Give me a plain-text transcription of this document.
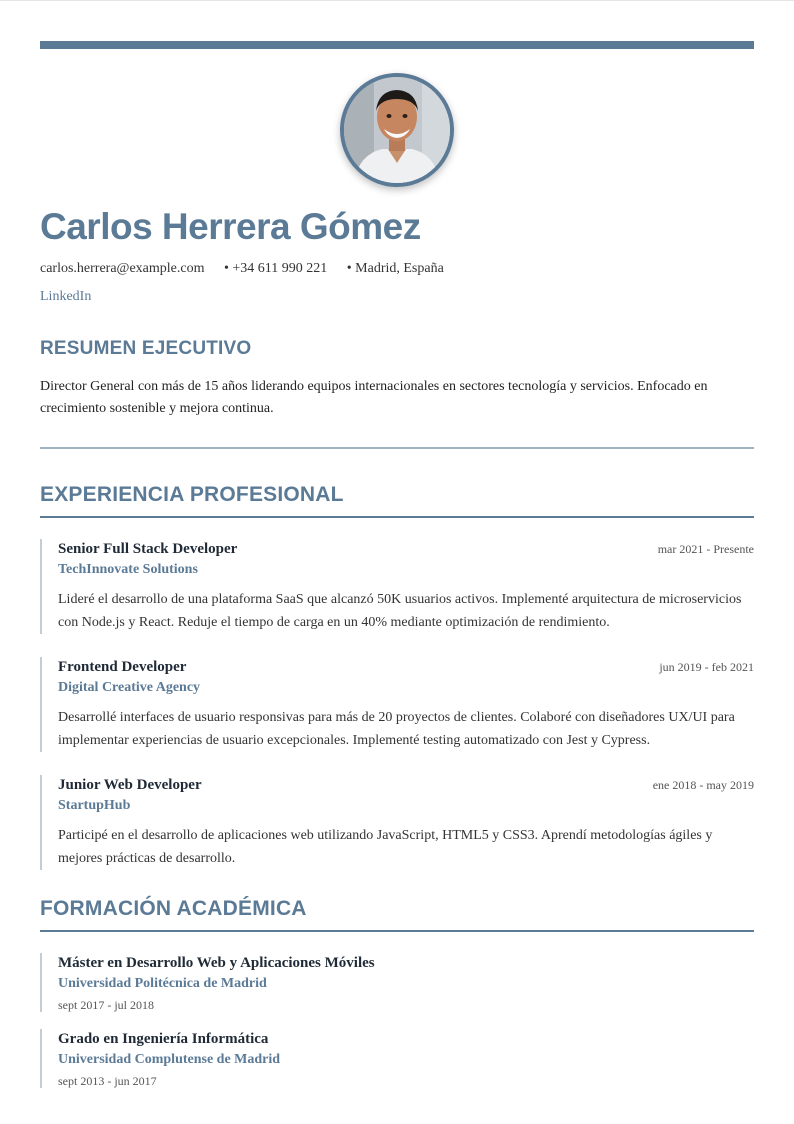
Carlos Herrera Gómez
carlos.herrera@example.com • +34 611 990 221 • Madrid, España
LinkedIn
RESUMEN EJECUTIVO
Director General con más de 15 años liderando equipos internacionales en sectores tecnología y servicios. Enfocado en crecimiento sostenible y mejora continua.
EXPERIENCIA PROFESIONAL
Senior Full Stack Developer
TechInnovate Solutions
mar 2021 - Presente
Lideré el desarrollo de una plataforma SaaS que alcanzó 50K usuarios activos. Implementé arquitectura de microservicios con Node.js y React. Reduje el tiempo de carga en un 40% mediante optimización de rendimiento.
Frontend Developer
Digital Creative Agency
jun 2019 - feb 2021
Desarrollé interfaces de usuario responsivas para más de 20 proyectos de clientes. Colaboré con diseñadores UX/UI para implementar experiencias de usuario excepcionales. Implementé testing automatizado con Jest y Cypress.
Junior Web Developer
StartupHub
ene 2018 - may 2019
Participé en el desarrollo de aplicaciones web utilizando JavaScript, HTML5 y CSS3. Aprendí metodologías ágiles y mejores prácticas de desarrollo.
FORMACIÓN ACADÉMICA
Máster en Desarrollo Web y Aplicaciones Móviles
Universidad Politécnica de Madrid
sept 2017 - jul 2018
Grado en Ingeniería Informática
Universidad Complutense de Madrid
sept 2013 - jun 2017
